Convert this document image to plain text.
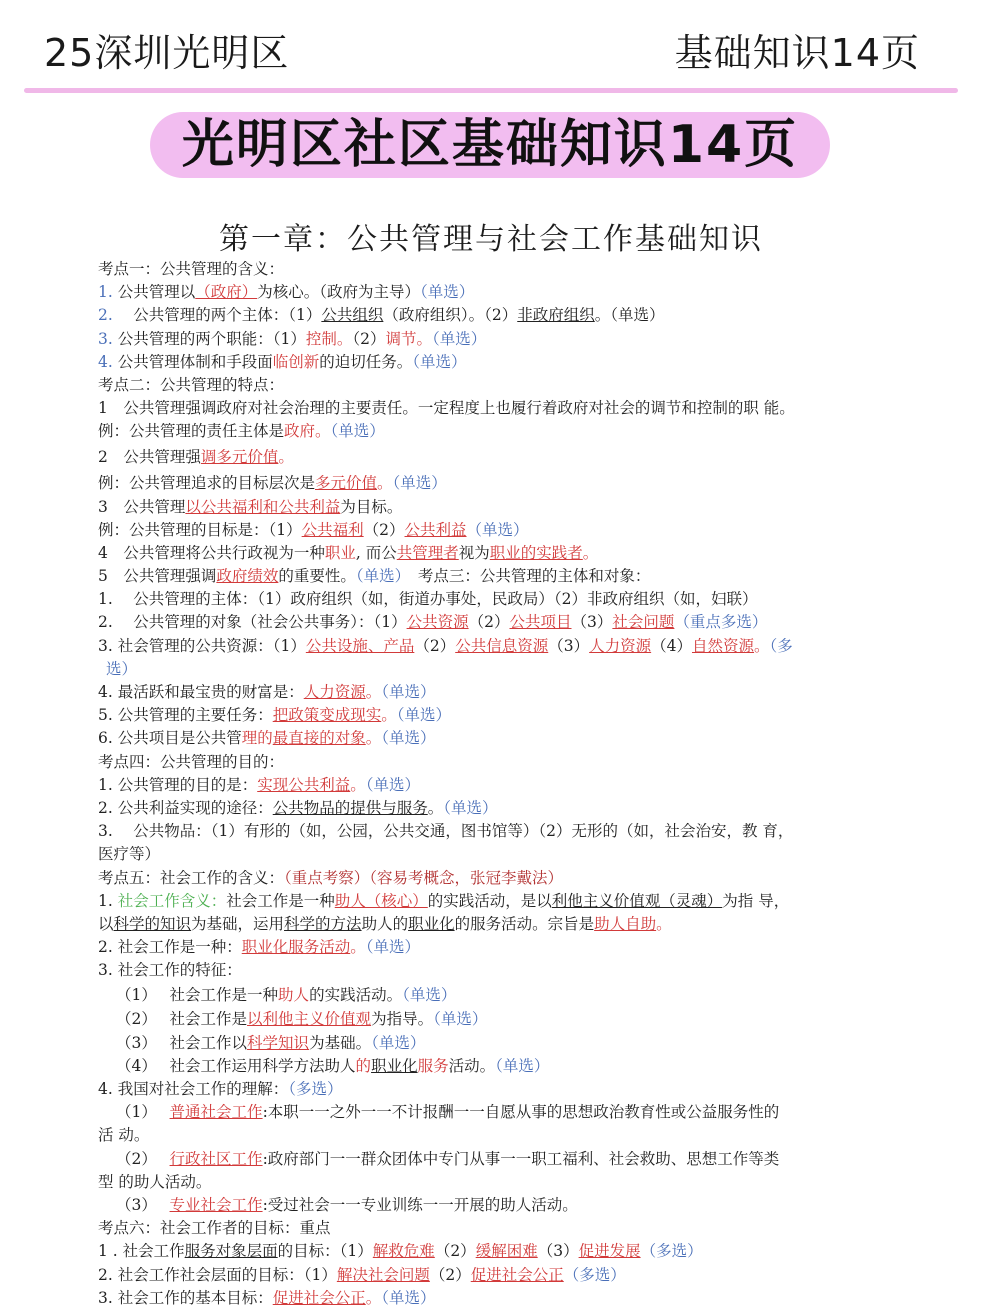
25深圳光明区	基础知识14页
光明区社区基础知识14页
第一章：公共管理与社会工作基础知识
考点一：公共管理的含义：
1. 公共管理以（政府）为核心。（政府为主导）（单选）
2.　 公共管理的两个主体：（1）公共组织（政府组织）。（2）非政府组织。（单选）
3. 公共管理的两个职能：（1）控制。（2）调节。（单选）
4. 公共管理体制和手段面临创新的迫切任务。（单选）
考点二：公共管理的特点：
1　公共管理强调政府对社会治理的主要责任。一定程度上也履行着政府对社会的调节和控制的职 能。
例：公共管理的责任主体是政府。（单选）
2　公共管理强调多元价值。
例：公共管理追求的目标层次是多元价值。（单选）
3　公共管理以公共福利和公共利益为目标。
例：公共管理的目标是：（1）公共福利（2）公共利益（单选）
4　公共管理将公共行政视为一种职业, 而公共管理者视为职业的实践者。
5　公共管理强调政府绩效的重要性。（单选）　考点三：公共管理的主体和对象：
1.　 公共管理的主体：（1）政府组织（如，街道办事处，民政局）（2）非政府组织（如，妇联）
2.　 公共管理的对象（社会公共事务）：（1）公共资源（2）公共项目（3）社会问题（重点多选）
3. 社会管理的公共资源：（1）公共设施、产品（2）公共信息资源（3）人力资源（4）自然资源。（多
选）
4. 最活跃和最宝贵的财富是：人力资源。（单选）
5. 公共管理的主要任务：把政策变成现实。（单选）
6. 公共项目是公共管理的最直接的对象。（单选）
考点四：公共管理的目的：
1. 公共管理的目的是：实现公共利益。（单选）
2. 公共利益实现的途径：公共物品的提供与服务。（单选）
3.　 公共物品：（1）有形的（如，公园，公共交通，图书馆等）（2）无形的（如，社会治安，教 育，
医疗等）
考点五：社会工作的含义：（重点考察）（容易考概念，张冠李戴法）
1. 社会工作含义：社会工作是一种助人（核心）的实践活动，是以利他主义价值观（灵魂）为指 导，
以科学的知识为基础，运用科学的方法助人的职业化的服务活动。宗旨是助人自助。
2. 社会工作是一种：职业化服务活动。（单选）
3. 社会工作的特征：
（1）　 社会工作是一种助人的实践活动。（单选）
（2）　 社会工作是以利他主义价值观为指导。（单选）
（3）　 社会工作以科学知识为基础。（单选）
（4）　 社会工作运用科学方法助人的职业化服务活动。（单选）
4. 我国对社会工作的理解：（多选）
（1）　 普通社会工作:本职一一之外一一不计报酬一一自愿从事的思想政治教育性或公益服务性的
活 动。
（2）　 行政社区工作:政府部门一一群众团体中专门从事一一职工福利、社会救助、思想工作等类
型 的助人活动。
（3）　 专业社会工作:受过社会一一专业训练一一开展的助人活动。
考点六：社会工作者的目标：重点
1 . 社会工作服务对象层面的目标：（1）解救危难（2）缓解困难（3）促进发展（多选）
2. 社会工作社会层面的目标：（1）解决社会问题（2）促进社会公正（多选）
3. 社会工作的基本目标：促进社会公正。（单选）
